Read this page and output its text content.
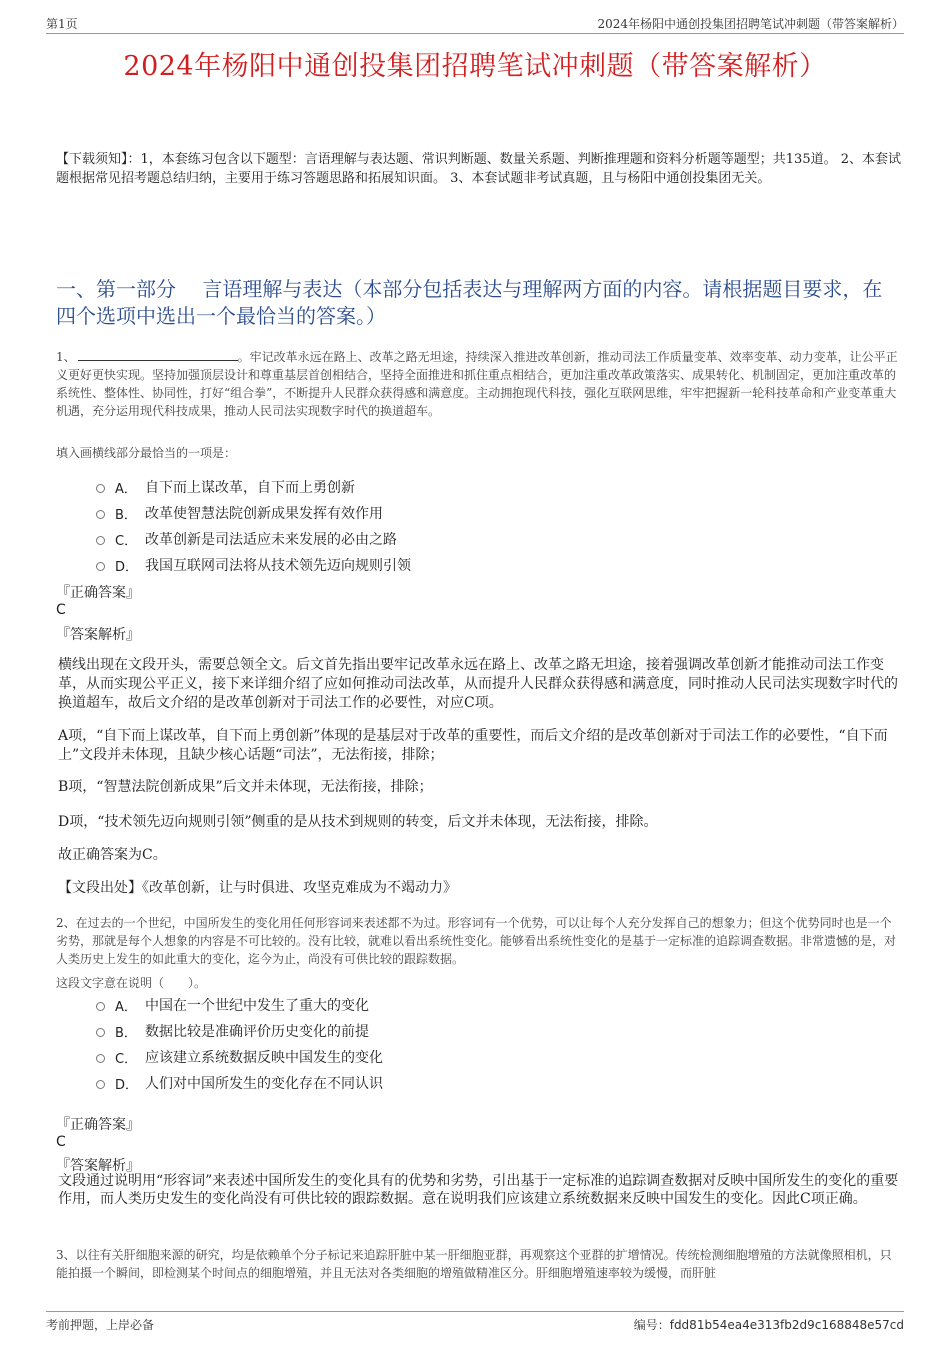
第1页	2024年杨阳中通创投集团招聘笔试冲刺题（带答案解析）
2024年杨阳中通创投集团招聘笔试冲刺题（带答案解析）
【下载须知】：1，本套练习包含以下题型：言语理解与表达题、常识判断题、数量关系题、判断推理题和资料分析题等题型；共135道。 2、本套试题根据常见招考题总结归纳，主要用于练习答题思路和拓展知识面。 3、本套试题非考试真题，且与杨阳中通创投集团无关。
一、第一部分　 言语理解与表达（本部分包括表达与理解两方面的内容。请根据题目要求，在四个选项中选出一个最恰当的答案。）
1、	。牢记改革永远在路上、改革之路无坦途，持续深入推进改革创新，推动司法工作质量变革、效率变革、动力变革，让公平正义更好更快实现。坚持加强顶层设计和尊重基层首创相结合，坚持全面推进和抓住重点相结合，更加注重改革政策落实、成果转化、机制固定，更加注重改革的系统性、整体性、协同性，打好“组合拳”，不断提升人民群众获得感和满意度。主动拥抱现代科技，强化互联网思维，牢牢把握新一轮科技革命和产业变革重大机遇，充分运用现代科技成果，推动人民司法实现数字时代的换道超车。
填入画横线部分最恰当的一项是：
A． 自下而上谋改革，自下而上勇创新
B． 改革使智慧法院创新成果发挥有效作用
C． 改革创新是司法适应未来发展的必由之路
D． 我国互联网司法将从技术领先迈向规则引领
『正确答案』
C
『答案解析』
横线出现在文段开头，需要总领全文。后文首先指出要牢记改革永远在路上、改革之路无坦途，接着强调改革创新才能推动司法工作变革，从而实现公平正义，接下来详细介绍了应如何推动司法改革，从而提升人民群众获得感和满意度，同时推动人民司法实现数字时代的换道超车，故后文介绍的是改革创新对于司法工作的必要性，对应C项。
A项，“自下而上谋改革，自下而上勇创新”体现的是基层对于改革的重要性，而后文介绍的是改革创新对于司法工作的必要性，“自下而上”文段并未体现，且缺少核心话题“司法”，无法衔接，排除；
B项，“智慧法院创新成果”后文并未体现，无法衔接，排除；
D项，“技术领先迈向规则引领”侧重的是从技术到规则的转变，后文并未体现，无法衔接，排除。
故正确答案为C。
【文段出处】《改革创新，让与时俱进、攻坚克难成为不竭动力》
2、在过去的一个世纪，中国所发生的变化用任何形容词来表述都不为过。形容词有一个优势，可以让每个人充分发挥自己的想象力；但这个优势同时也是一个劣势，那就是每个人想象的内容是不可比较的。没有比较，就难以看出系统性变化。能够看出系统性变化的是基于一定标准的追踪调查数据。非常遗憾的是，对人类历史上发生的如此重大的变化，迄今为止，尚没有可供比较的跟踪数据。
这段文字意在说明（　　）。
A． 中国在一个世纪中发生了重大的变化
B． 数据比较是准确评价历史变化的前提
C． 应该建立系统数据反映中国发生的变化
D． 人们对中国所发生的变化存在不同认识
『正确答案』
C
『答案解析』
文段通过说明用“形容词”来表述中国所发生的变化具有的优势和劣势，引出基于一定标准的追踪调查数据对反映中国所发生的变化的重要作用，而人类历史发生的变化尚没有可供比较的跟踪数据。意在说明我们应该建立系统数据来反映中国发生的变化。因此C项正确。
3、以往有关肝细胞来源的研究，均是依赖单个分子标记来追踪肝脏中某一肝细胞亚群，再观察这个亚群的扩增情况。传统检测细胞增殖的方法就像照相机，只能拍摄一个瞬间，即检测某个时间点的细胞增殖，并且无法对各类细胞的增殖做精准区分。肝细胞增殖速率较为缓慢，而肝脏
考前押题，上岸必备	编号：fdd81b54ea4e313fb2d9c168848e57cd
